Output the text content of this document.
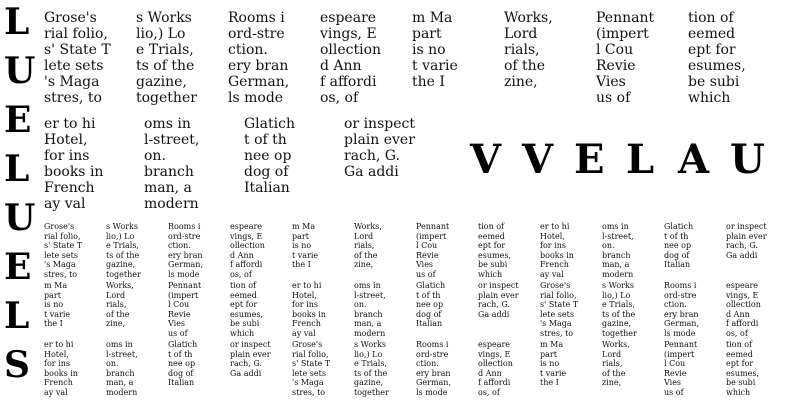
L
U
E
L
U
E
L
S
Grose's
rial folio,
s' State T
lete sets
's Maga
stres, to
s Works
lio,) Lo
e Trials,
ts of the
gazine,
together
Rooms i
ord-stre
ction.
ery bran
German,
ls mode
espeare
vings, E
ollection
d Ann
f affordi
os, of
m Ma
part
is no
t varie
the I
Works,
Lord
rials,
of the
zine,
Pennant
(impert
l Cou
Revie
Vies
us of
tion of
eemed
ept for
esumes,
be subi
which
er to hi
Hotel,
for ins
books in
French
ay val
oms in
l-street,
on.
branch
man, a
modern
Glatich
t of th
nee op
dog of
Italian
or inspect
plain ever
rach, G.
Ga addi	V V E L A U
Grose's
rial folio,
s' State T
lete sets
's Maga
stres, to
s Works
lio,) Lo
e Trials,
ts of the
gazine,
together
Rooms i
ord-stre
ction.
ery bran
German,
ls mode
espeare
vings, E
ollection
d Ann
f affordi
os, of
m Ma
part
is no
t varie
the I
Works,
Lord
rials,
of the
zine,
Pennant
(impert
l Cou
Revie
Vies
us of
tion of
eemed
ept for
esumes,
be subi
which
er to hi
Hotel,
for ins
books in
French
ay val
oms in
l-street,
on.
branch
man, a
modern
Glatich
t of th
nee op
dog of
Italian
or inspect
plain ever
rach, G.
Ga addi
m Ma
part
is no
t varie
the I
Works,
Lord
rials,
of the
zine,
Pennant
(impert
l Cou
Revie
Vies
us of
tion of
eemed
ept for
esumes,
be subi
which
er to hi
Hotel,
for ins
books in
French
ay val
oms in
l-street,
on.
branch
man, a
modern
Glatich
t of th
nee op
dog of
Italian
or inspect
plain ever
rach, G.
Ga addi
Grose's
rial folio,
s' State T
lete sets
's Maga
stres, to
s Works
lio,) Lo
e Trials,
ts of the
gazine,
together
Rooms i
ord-stre
ction.
ery bran
German,
ls mode
espeare
vings, E
ollection
d Ann
f affordi
os, of
er to hi
Hotel,
for ins
books in
French
ay val
oms in
l-street,
on.
branch
man, a
modern
Glatich
t of th
nee op
dog of
Italian
or inspect
plain ever
rach, G.
Ga addi
Grose's
rial folio,
s' State T
lete sets
's Maga
stres, to
s Works
lio,) Lo
e Trials,
ts of the
gazine,
together
Rooms i
ord-stre
ction.
ery bran
German,
ls mode
espeare
vings, E
ollection
d Ann
f affordi
os, of
m Ma
part
is no
t varie
the I
Works,
Lord
rials,
of the
zine,
Pennant
(impert
l Cou
Revie
Vies
us of
tion of
eemed
ept for
esumes,
be subi
which
